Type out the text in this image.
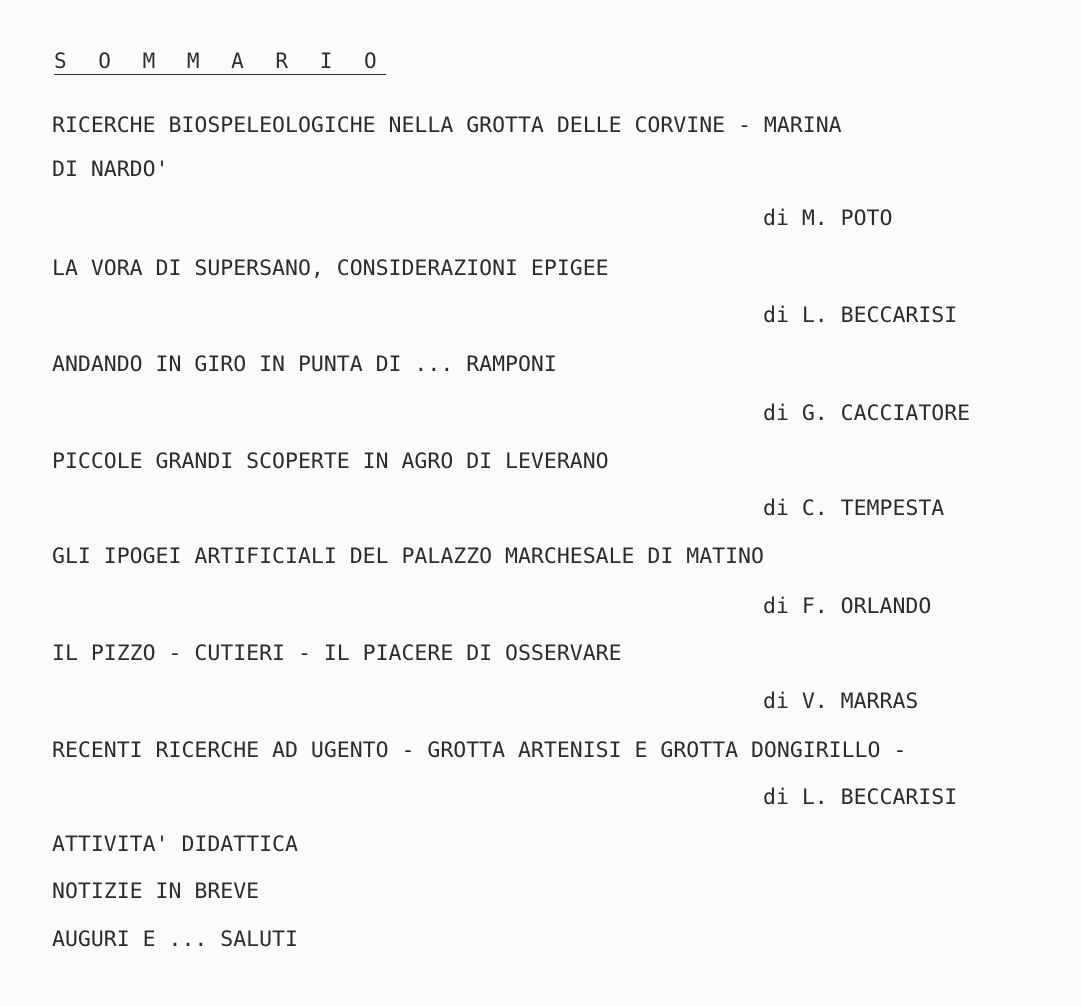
S O M M A R I O
RICERCHE BIOSPELEOLOGICHE NELLA GROTTA DELLE CORVINE - MARINA
DI NARDO'
di M. POTO
LA VORA DI SUPERSANO, CONSIDERAZIONI EPIGEE
di L. BECCARISI
ANDANDO IN GIRO IN PUNTA DI ... RAMPONI
di G. CACCIATORE
PICCOLE GRANDI SCOPERTE IN AGRO DI LEVERANO
di C. TEMPESTA
GLI IPOGEI ARTIFICIALI DEL PALAZZO MARCHESALE DI MATINO
di F. ORLANDO
IL PIZZO - CUTIERI - IL PIACERE DI OSSERVARE
di V. MARRAS
RECENTI RICERCHE AD UGENTO - GROTTA ARTENISI E GROTTA DONGIRILLO -
di L. BECCARISI
ATTIVITA' DIDATTICA
NOTIZIE IN BREVE
AUGURI E ... SALUTI
